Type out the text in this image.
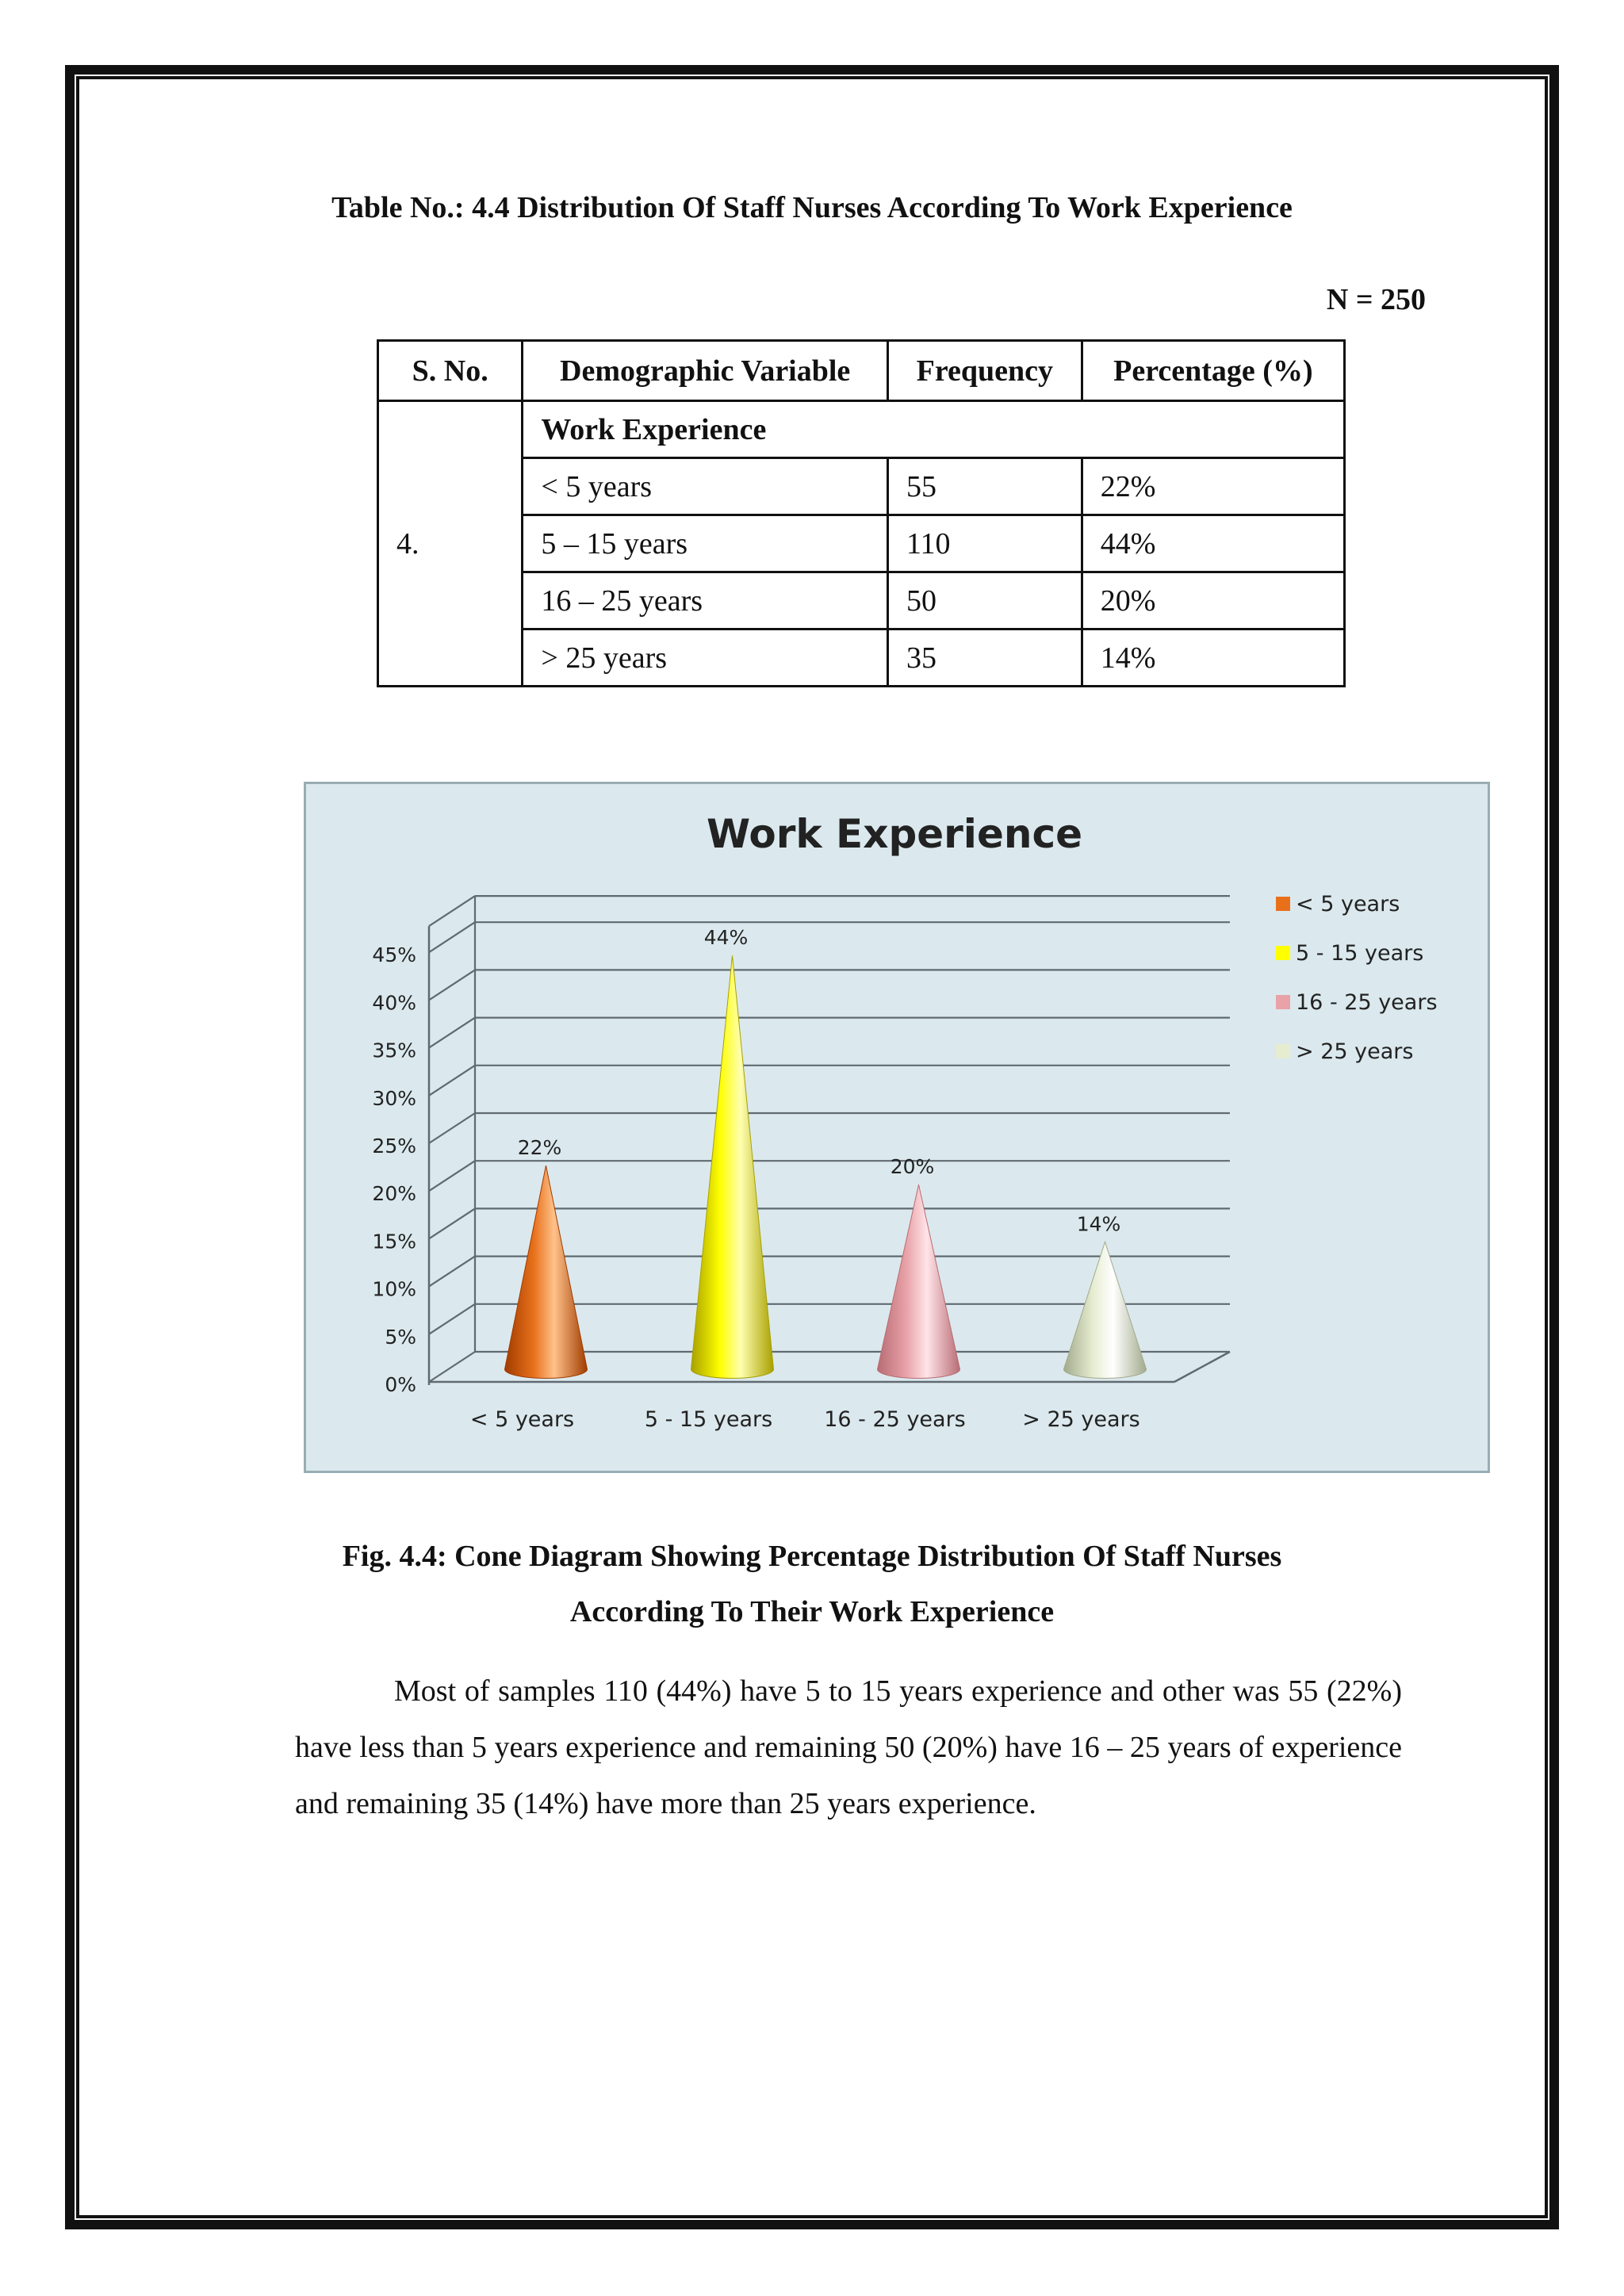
Table No.: 4.4 Distribution Of Staff Nurses According To Work Experience
N = 250
S. No.	Demographic Variable	Frequency	Percentage (%)
4.	Work Experience		
	< 5 years	55	22%
	5 – 15 years	110	44%
	16 – 25 years	50	20%
	> 25 years	35	14%
Work Experience
0%
5%
10%
15%
20%
25%
30%
35%
40%
45%
22%
44%
20%
14%
< 5 years	5 - 15 years 16 - 25 years	> 25 years
< 5 years
5 - 15 years
16 - 25 years
> 25 years

Fig. 4.4: Cone Diagram Showing Percentage Distribution Of Staff Nurses
According To Their Work Experience

Most of samples 110 (44%) have 5 to 15 years experience and other was 55 (22%) have less than 5 years experience and remaining 50 (20%) have 16 – 25 years of experience and remaining 35 (14%) have more than 25 years experience.
